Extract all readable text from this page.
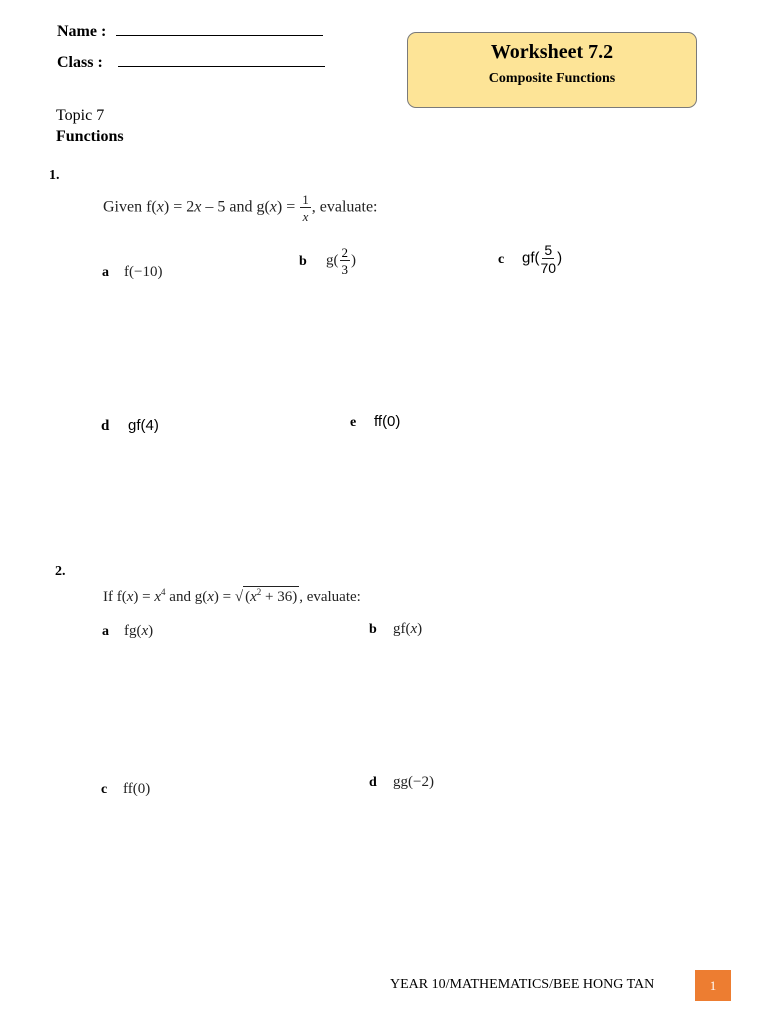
Name :
Class :	Worksheet 7.2
Composite Functions
Topic 7
Functions
1.
Given f(x) = 2x – 5 and $g(x) = \frac{1}{x}$ , evaluate:
a f(−10)
b $g( \frac{2}{3}$ )	c $gf( \frac{5}{70}$ )
d gf(4)	e ff(0)
2.
If $f(x) = x^4$ and g(x) = √ $(x^2 + 36)$ , evaluate:
a fg(x)	b gf(x)
c ff(0)	d gg(−2)
YEAR 10/MATHEMATICS/BEE HONG TAN	1
